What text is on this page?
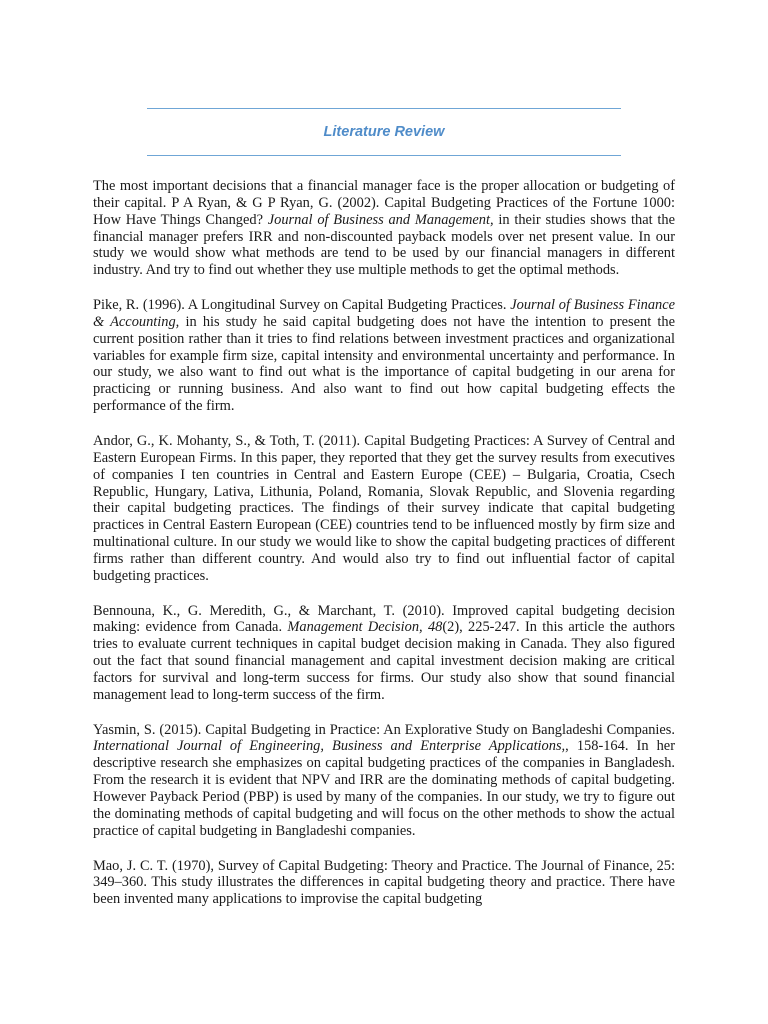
Literature Review

The most important decisions that a financial manager face is the proper allocation or budgeting of their capital. P A Ryan, & G P Ryan, G. (2002). Capital Budgeting Practices of the Fortune 1000: How Have Things Changed? Journal of Business and Management, in their studies shows that the financial manager prefers IRR and non-discounted payback models over net present value. In our study we would show what methods are tend to be used by our financial managers in different industry. And try to find out whether they use multiple methods to get the optimal methods.

Pike, R. (1996). A Longitudinal Survey on Capital Budgeting Practices. Journal of Business Finance & Accounting, in his study he said capital budgeting does not have the intention to present the current position rather than it tries to find relations between investment practices and organizational variables for example firm size, capital intensity and environmental uncertainty and performance. In our study, we also want to find out what is the importance of capital budgeting in our arena for practicing or running business. And also want to find out how capital budgeting effects the performance of the firm.

Andor, G., K. Mohanty, S., & Toth, T. (2011). Capital Budgeting Practices: A Survey of Central and Eastern European Firms. In this paper, they reported that they get the survey results from executives of companies I ten countries in Central and Eastern Europe (CEE) – Bulgaria, Croatia, Csech Republic, Hungary, Lativa, Lithunia, Poland, Romania, Slovak Republic, and Slovenia regarding their capital budgeting practices. The findings of their survey indicate that capital budgeting practices in Central Eastern European (CEE) countries tend to be influenced mostly by firm size and multinational culture. In our study we would like to show the capital budgeting practices of different firms rather than different country. And would also try to find out influential factor of capital budgeting practices.

Bennouna, K., G. Meredith, G., & Marchant, T. (2010). Improved capital budgeting decision making: evidence from Canada. Management Decision, 48(2), 225-247. In this article the authors tries to evaluate current techniques in capital budget decision making in Canada. They also figured out the fact that sound financial management and capital investment decision making are critical factors for survival and long-term success for firms. Our study also show that sound financial management lead to long-term success of the firm.

Yasmin, S. (2015). Capital Budgeting in Practice: An Explorative Study on Bangladeshi Companies. International Journal of Engineering, Business and Enterprise Applications,, 158-164. In her descriptive research she emphasizes on capital budgeting practices of the companies in Bangladesh. From the research it is evident that NPV and IRR are the dominating methods of capital budgeting. However Payback Period (PBP) is used by many of the companies. In our study, we try to figure out the dominating methods of capital budgeting and will focus on the other methods to show the actual practice of capital budgeting in Bangladeshi companies.

Mao, J. C. T. (1970), Survey of Capital Budgeting: Theory and Practice. The Journal of Finance, 25: 349–360. This study illustrates the differences in capital budgeting theory and practice. There have been invented many applications to improvise the capital budgeting
